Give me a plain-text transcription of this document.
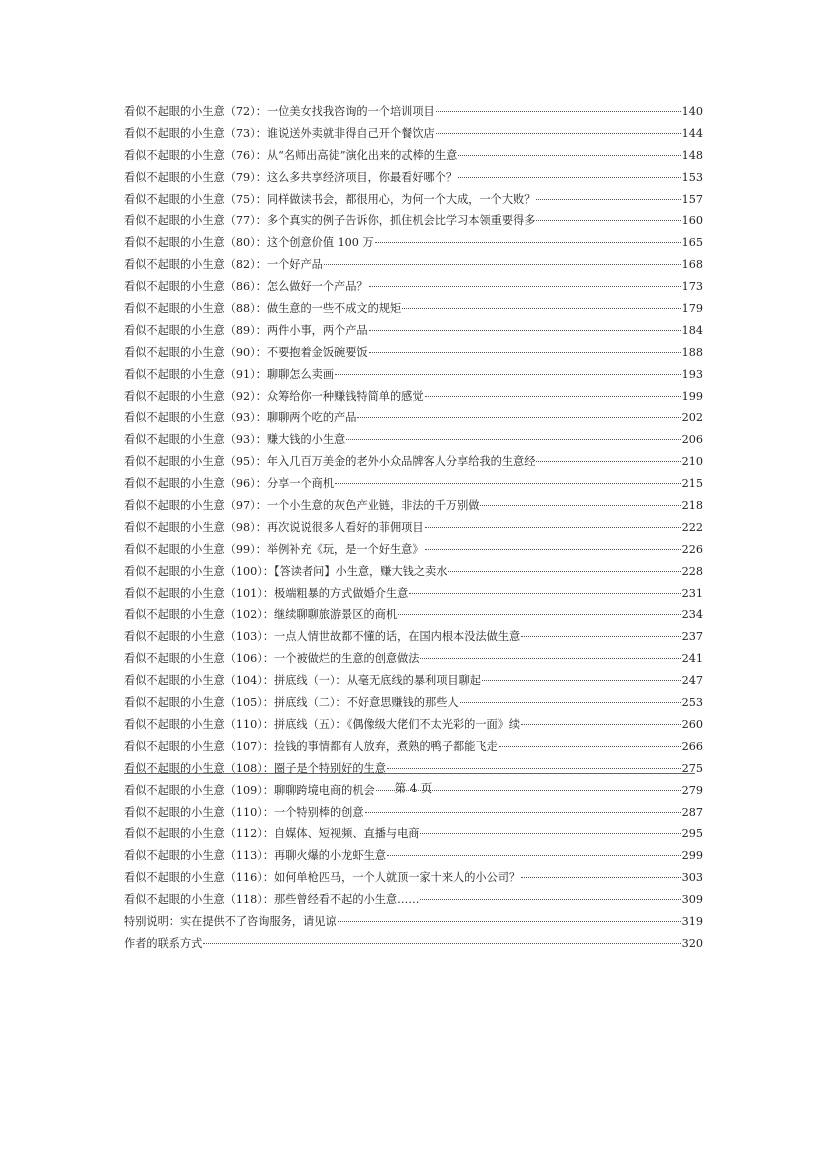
看似不起眼的小生意（72）：一位美女找我咨询的一个培训项目	140
看似不起眼的小生意（73）：谁说送外卖就非得自己开个餐饮店	144
看似不起眼的小生意（76）：从“名师出高徒”演化出来的忒棒的生意	148
看似不起眼的小生意（79）：这么多共享经济项目，你最看好哪个？	153
看似不起眼的小生意（75）：同样做读书会，都很用心，为何一个大成，一个大败？	157
看似不起眼的小生意（77）：多个真实的例子告诉你，抓住机会比学习本领重要得多	160
看似不起眼的小生意（80）：这个创意价值 100 万	165
看似不起眼的小生意（82）：一个好产品	168
看似不起眼的小生意（86）：怎么做好一个产品？	173
看似不起眼的小生意（88）：做生意的一些不成文的规矩	179
看似不起眼的小生意（89）：两件小事，两个产品	184
看似不起眼的小生意（90）：不要抱着金饭碗要饭	188
看似不起眼的小生意（91）：聊聊怎么卖画	193
看似不起眼的小生意（92）：众筹给你一种赚钱特简单的感觉	199
看似不起眼的小生意（93）：聊聊两个吃的产品	202
看似不起眼的小生意（93）：赚大钱的小生意	206
看似不起眼的小生意（95）：年入几百万美金的老外小众品牌客人分享给我的生意经	210
看似不起眼的小生意（96）：分享一个商机	215
看似不起眼的小生意（97）：一个小生意的灰色产业链，非法的千万别做	218
看似不起眼的小生意（98）：再次说说很多人看好的菲佣项目	222
看似不起眼的小生意（99）：举例补充《玩，是一个好生意》	226
看似不起眼的小生意（100）：【答读者问】小生意，赚大钱之卖水	228
看似不起眼的小生意（101）：极端粗暴的方式做婚介生意	231
看似不起眼的小生意（102）：继续聊聊旅游景区的商机	234
看似不起眼的小生意（103）：一点人情世故都不懂的话，在国内根本没法做生意	237
看似不起眼的小生意（106）：一个被做烂的生意的创意做法	241
看似不起眼的小生意（104）：拼底线（一）：从毫无底线的暴利项目聊起	247
看似不起眼的小生意（105）：拼底线（二）：不好意思赚钱的那些人	253
看似不起眼的小生意（110）：拼底线（五）：《偶像级大佬们不太光彩的一面》续	260
看似不起眼的小生意（107）：捡钱的事情都有人放弃，煮熟的鸭子都能飞走	266
看似不起眼的小生意（108）：圈子是个特别好的生意	275
看似不起眼的小生意（109）：聊聊跨境电商的机会	279
看似不起眼的小生意（110）：一个特别棒的创意	287
看似不起眼的小生意（112）：自媒体、短视频、直播与电商	295
看似不起眼的小生意（113）：再聊火爆的小龙虾生意	299
看似不起眼的小生意（116）：如何单枪匹马，一个人就顶一家十来人的小公司？	303
看似不起眼的小生意（118）：那些曾经看不起的小生意……	309
特别说明：实在提供不了咨询服务，请见谅	319
作者的联系方式	320
第 4 页
